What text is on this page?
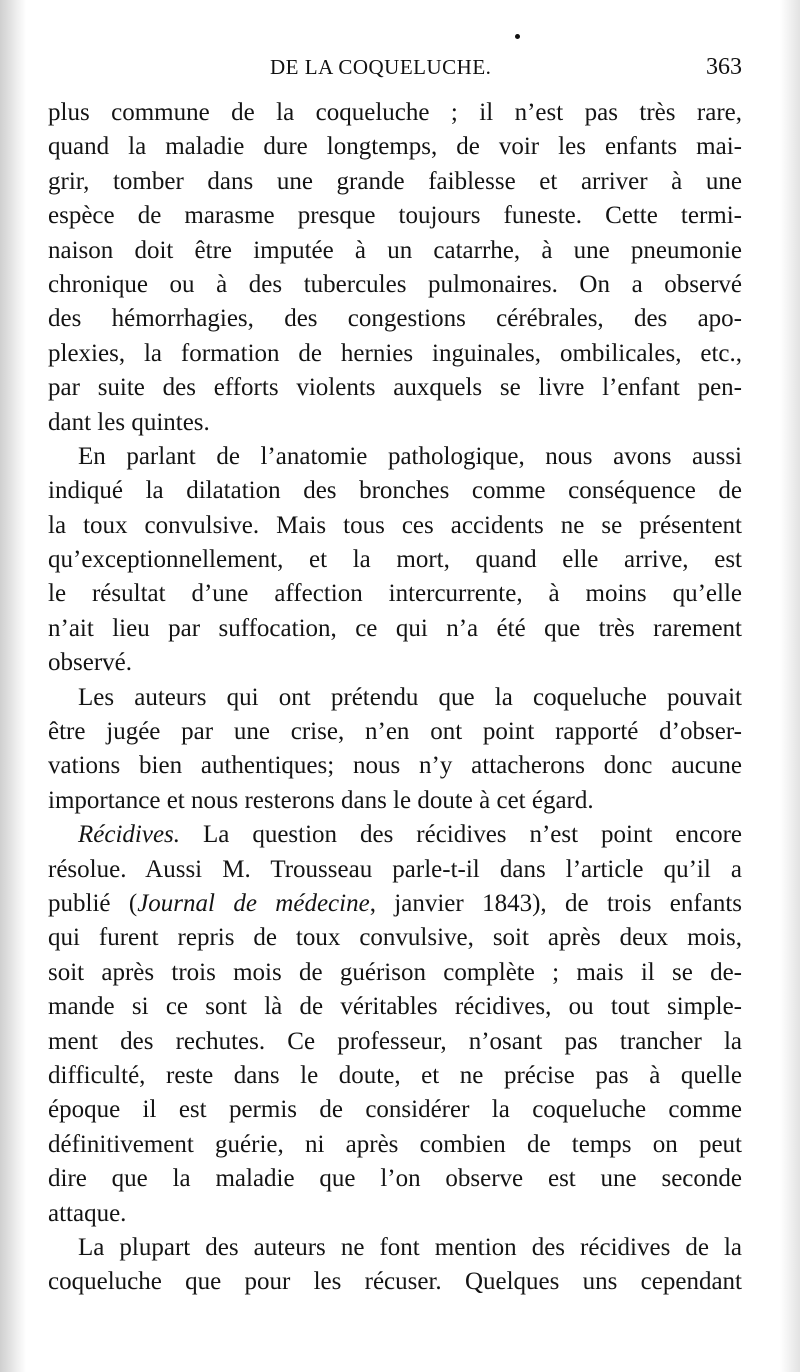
DE LA COQUELUCHE.	363
plus commune de la coqueluche ; il n’est pas très rare,
quand la maladie dure longtemps, de voir les enfants mai-
grir, tomber dans une grande faiblesse et arriver à une
espèce de marasme presque toujours funeste. Cette termi-
naison doit être imputée à un catarrhe, à une pneumonie
chronique ou à des tubercules pulmonaires. On a observé
des hémorrhagies, des congestions cérébrales, des apo-
plexies, la formation de hernies inguinales, ombilicales, etc.,
par suite des efforts violents auxquels se livre l’enfant pen-
dant les quintes.
En parlant de l’anatomie pathologique, nous avons aussi
indiqué la dilatation des bronches comme conséquence de
la toux convulsive. Mais tous ces accidents ne se présentent
qu’exceptionnellement, et la mort, quand elle arrive, est
le résultat d’une affection intercurrente, à moins qu’elle
n’ait lieu par suffocation, ce qui n’a été que très rarement
observé.
Les auteurs qui ont prétendu que la coqueluche pouvait
être jugée par une crise, n’en ont point rapporté d’obser-
vations bien authentiques; nous n’y attacherons donc aucune
importance et nous resterons dans le doute à cet égard.
Récidives. La question des récidives n’est point encore
résolue. Aussi M. Trousseau parle-t-il dans l’article qu’il a
publié (Journal de médecine, janvier 1843), de trois enfants
qui furent repris de toux convulsive, soit après deux mois,
soit après trois mois de guérison complète ; mais il se de-
mande si ce sont là de véritables récidives, ou tout simple-
ment des rechutes. Ce professeur, n’osant pas trancher la
difficulté, reste dans le doute, et ne précise pas à quelle
époque il est permis de considérer la coqueluche comme
définitivement guérie, ni après combien de temps on peut
dire que la maladie que l’on observe est une seconde
attaque.
La plupart des auteurs ne font mention des récidives de la
coqueluche que pour les récuser. Quelques uns cependant
